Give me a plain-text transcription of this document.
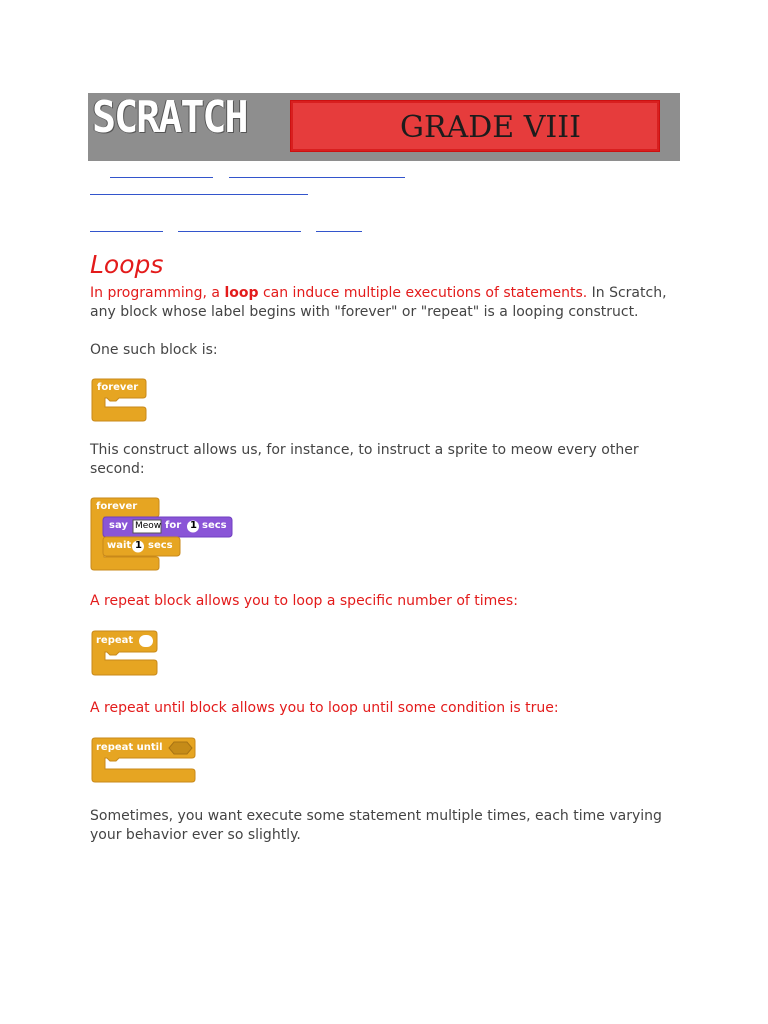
SCRATCH	GRADE VIII
Loops
In programming, a loop can induce multiple executions of statements. In Scratch, any block whose label begins with "forever" or "repeat" is a looping construct.
One such block is:
forever
This construct allows us, for instance, to instruct a sprite to meow every other second:
forever
say Meow for 1 secs
wait 1 secs
A repeat block allows you to loop a specific number of times:
repeat
A repeat until block allows you to loop until some condition is true:
repeat until
Sometimes, you want execute some statement multiple times, each time varying your behavior ever so slightly.
